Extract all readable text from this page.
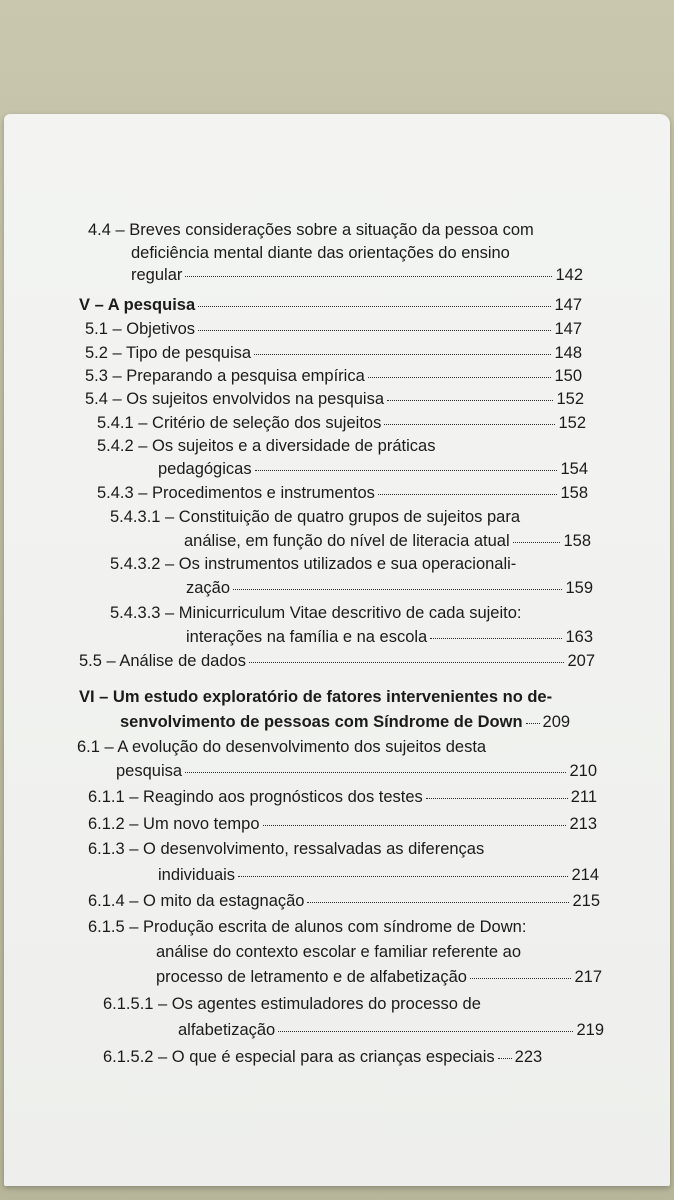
4.4 – Breves considerações sobre a situação da pessoa com
deficiência mental diante das orientações do ensino
regular	142
V – A pesquisa	147
5.1 – Objetivos	147
5.2 – Tipo de pesquisa	148
5.3 – Preparando a pesquisa empírica	150
5.4 – Os sujeitos envolvidos na pesquisa	152
5.4.1 – Critério de seleção dos sujeitos	152
5.4.2 – Os sujeitos e a diversidade de práticas
pedagógicas	154
5.4.3 – Procedimentos e instrumentos	158
5.4.3.1 – Constituição de quatro grupos de sujeitos para
análise, em função do nível de literacia atual	158
5.4.3.2 – Os instrumentos utilizados e sua operacionali-
zação	159
5.4.3.3 – Minicurriculum Vitae descritivo de cada sujeito:
interações na família e na escola	163
5.5 – Análise de dados	207
VI – Um estudo exploratório de fatores intervenientes no de-
senvolvimento de pessoas com Síndrome de Down 209
6.1 – A evolução do desenvolvimento dos sujeitos desta
pesquisa	210
6.1.1 – Reagindo aos prognósticos dos testes	211
6.1.2 – Um novo tempo	213
6.1.3 – O desenvolvimento, ressalvadas as diferenças
individuais	214
6.1.4 – O mito da estagnação	215
6.1.5 – Produção escrita de alunos com síndrome de Down:
análise do contexto escolar e familiar referente ao
processo de letramento e de alfabetização	217
6.1.5.1 – Os agentes estimuladores do processo de
alfabetização	219
6.1.5.2 – O que é especial para as crianças especiais 223
